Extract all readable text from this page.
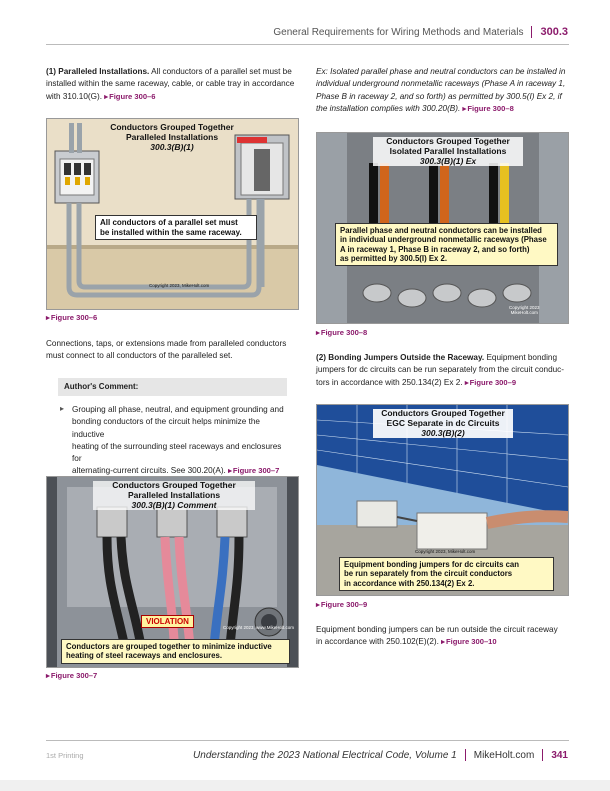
General Requirements for Wiring Methods and Materials 300.3

(1) Paralleled Installations. All conductors of a parallel set must be

installed within the same raceway, cable, or cable tray in accordance

with 310.10(G). ▸ Figure 300–6

Conductors Grouped Together
Paralleled Installations
300.3(B)(1)
All conductors of a parallel set must
be installed within the same raceway.
Copyright 2023, MikeHolt.com
▸ Figure 300–6

Connections, taps, or extensions made from paralleled conductors

must connect to all conductors of the paralleled set.

Author's Comment:
▸ Grouping all phase, neutral, and equipment grounding and

bonding conductors of the circuit helps minimize the inductive

heating of the surrounding steel raceways and enclosures for

alternating-current circuits. See 300.20(A). ▸ Figure 300–7

Conductors Grouped Together
Paralleled Installations
300.3(B)(1) Comment
VIOLATION
Copyright 2023, www.MikeHolt.com
Conductors are grouped together to minimize inductive
heating of steel raceways and enclosures.
▸ Figure 300–7

Ex: Isolated parallel phase and neutral conductors can be installed in

individual underground nonmetallic raceways (Phase A in raceway 1,

Phase B in raceway 2, and so forth) as permitted by 300.5(I) Ex 2, if

the installation complies with 300.20(B). ▸ Figure 300–8

Conductors Grouped Together
Isolated Parallel Installations
300.3(B)(1) Ex
Parallel phase and neutral conductors can be installed
in individual underground nonmetallic raceways (Phase
A in raceway 1, Phase B in raceway 2, and so forth)
as permitted by 300.5(I) Ex 2.
Copyright 2023
MikeHolt.com
▸ Figure 300–8

(2) Bonding Jumpers Outside the Raceway. Equipment bonding

jumpers for dc circuits can be run separately from the circuit conduc-

tors in accordance with 250.134(2) Ex 2. ▸ Figure 300–9

Conductors Grouped Together
EGC Separate in dc Circuits
300.3(B)(2)
Copyright 2023, MikeHolt.com
Equipment bonding jumpers for dc circuits can
be run separately from the circuit conductors
in accordance with 250.134(2) Ex 2.
▸ Figure 300–9

Equipment bonding jumpers can be run outside the circuit raceway

in accordance with 250.102(E)(2). ▸ Figure 300–10

1st Printing	Understanding the 2023 National Electrical Code, Volume 1 MikeHolt.com 341
